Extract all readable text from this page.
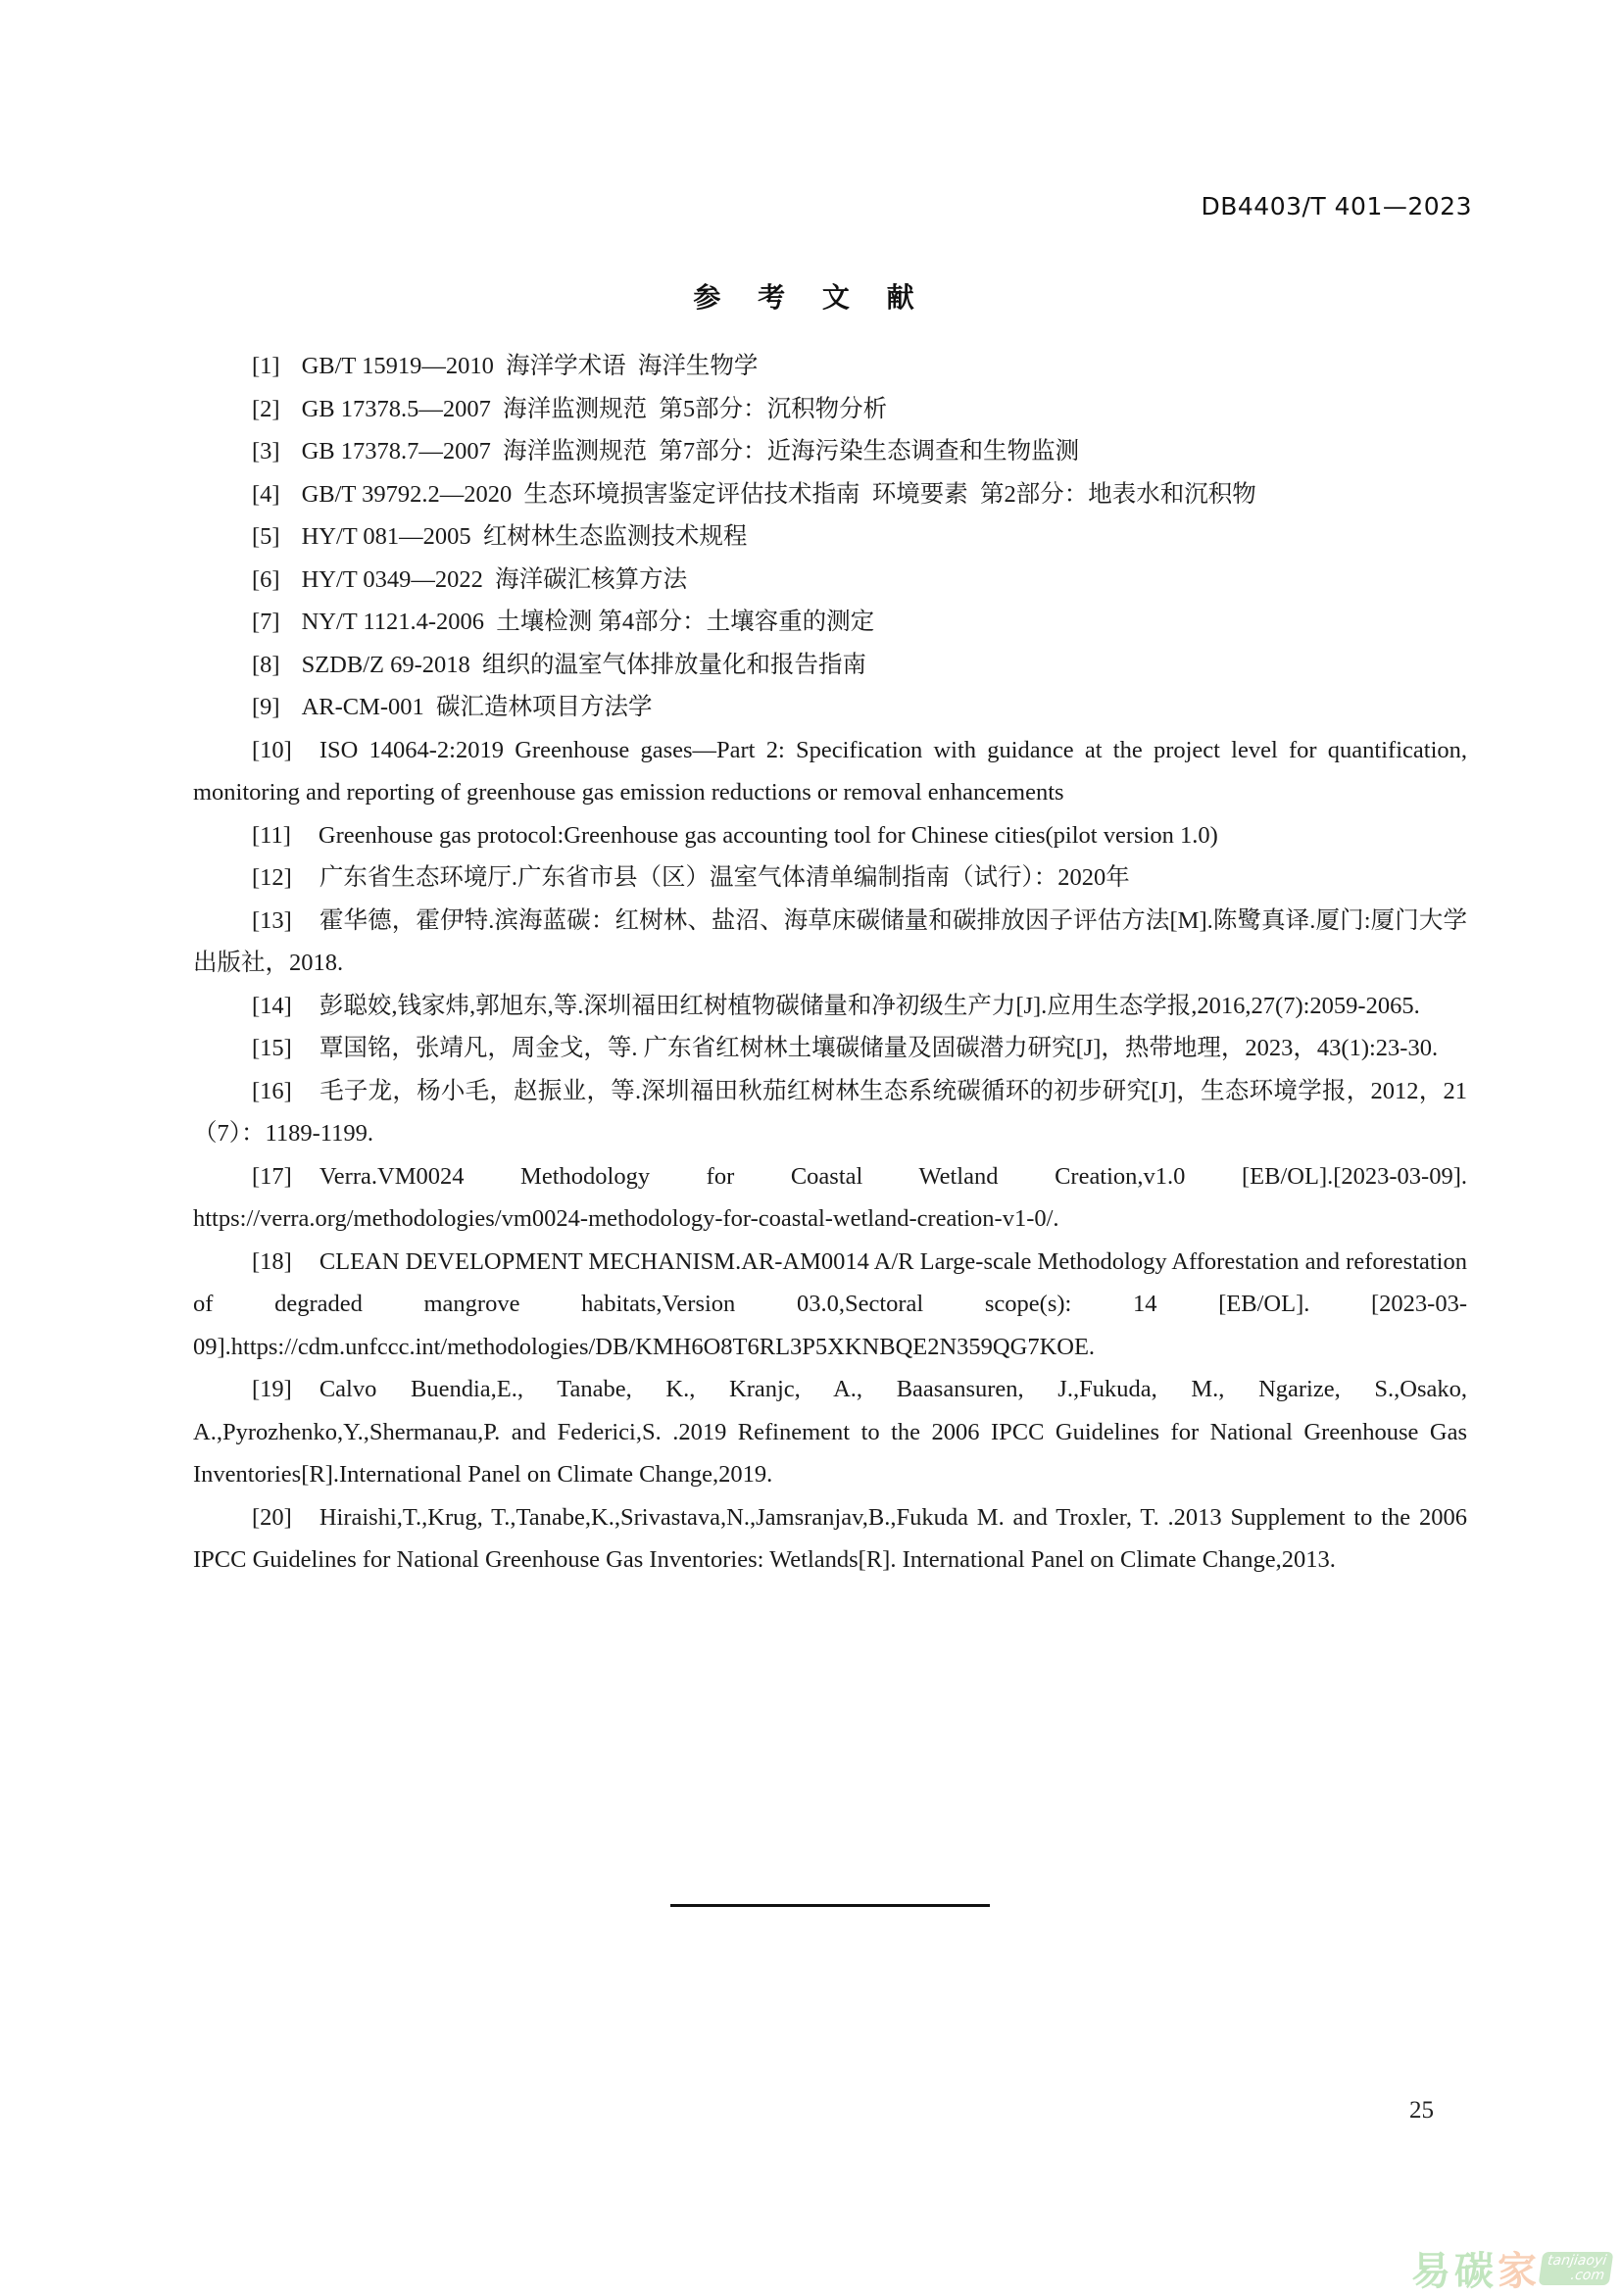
DB4403/T 401—2023
参 考 文 献

[1] GB/T 15919—2010  海洋学术语  海洋生物学

[2] GB 17378.5—2007  海洋监测规范  第5部分：沉积物分析

[3] GB 17378.7—2007  海洋监测规范  第7部分：近海污染生态调查和生物监测

[4] GB/T 39792.2—2020  生态环境损害鉴定评估技术指南  环境要素  第2部分：地表水和沉积物

[5] HY/T 081—2005  红树林生态监测技术规程

[6] HY/T 0349—2022  海洋碳汇核算方法

[7] NY/T 1121.4-2006  土壤检测 第4部分：土壤容重的测定

[8] SZDB/Z 69-2018  组织的温室气体排放量化和报告指南

[9] AR-CM-001  碳汇造林项目方法学

[10] ISO 14064-2:2019 Greenhouse gases—Part 2: Specification with guidance at the project level for quantification, monitoring and reporting of greenhouse gas emission reductions or removal enhancements

[11] Greenhouse gas protocol:Greenhouse gas accounting tool for Chinese cities(pilot version 1.0)

[12] 广东省生态环境厅.广东省市县（区）温室气体清单编制指南（试行）：2020年

[13] 霍华德，霍伊特.滨海蓝碳：红树林、盐沼、海草床碳储量和碳排放因子评估方法[M].陈鹭真译.厦门:厦门大学出版社，2018.

[14] 彭聪姣,钱家炜,郭旭东,等.深圳福田红树植物碳储量和净初级生产力[J].应用生态学报,2016,27(7):2059-2065.

[15] 覃国铭，张靖凡，周金戈，等. 广东省红树林土壤碳储量及固碳潜力研究[J]，热带地理，2023，43(1):23-30.

[16] 毛子龙，杨小毛，赵振业，等.深圳福田秋茄红树林生态系统碳循环的初步研究[J]，生态环境学报，2012，21（7）：1189-1199.

[17] Verra.VM0024 Methodology for Coastal Wetland Creation,v1.0 [EB/OL].[2023-03-09]. https://verra.org/methodologies/vm0024-methodology-for-coastal-wetland-creation-v1-0/.

[18] CLEAN DEVELOPMENT MECHANISM.AR-AM0014 A/R Large-scale Methodology Afforestation and reforestation of degraded mangrove habitats,Version 03.0,Sectoral scope(s): 14 [EB/OL]. [2023-03-09].https://cdm.unfccc.int/methodologies/DB/KMH6O8T6RL3P5XKNBQE2N359QG7KOE.

[19] Calvo Buendia,E., Tanabe, K., Kranjc, A., Baasansuren, J.,Fukuda, M., Ngarize, S.,Osako, A.,Pyrozhenko,Y.,Shermanau,P. and Federici,S. .2019 Refinement to the 2006 IPCC Guidelines for National Greenhouse Gas Inventories[R].International Panel on Climate Change,2019.

[20] Hiraishi,T.,Krug, T.,Tanabe,K.,Srivastava,N.,Jamsranjav,B.,Fukuda M. and Troxler, T. .2013 Supplement to the 2006 IPCC Guidelines for National Greenhouse Gas Inventories: Wetlands[R]. International Panel on Climate Change,2013.

25
易 碳 家 tanjiaoyi
.com
